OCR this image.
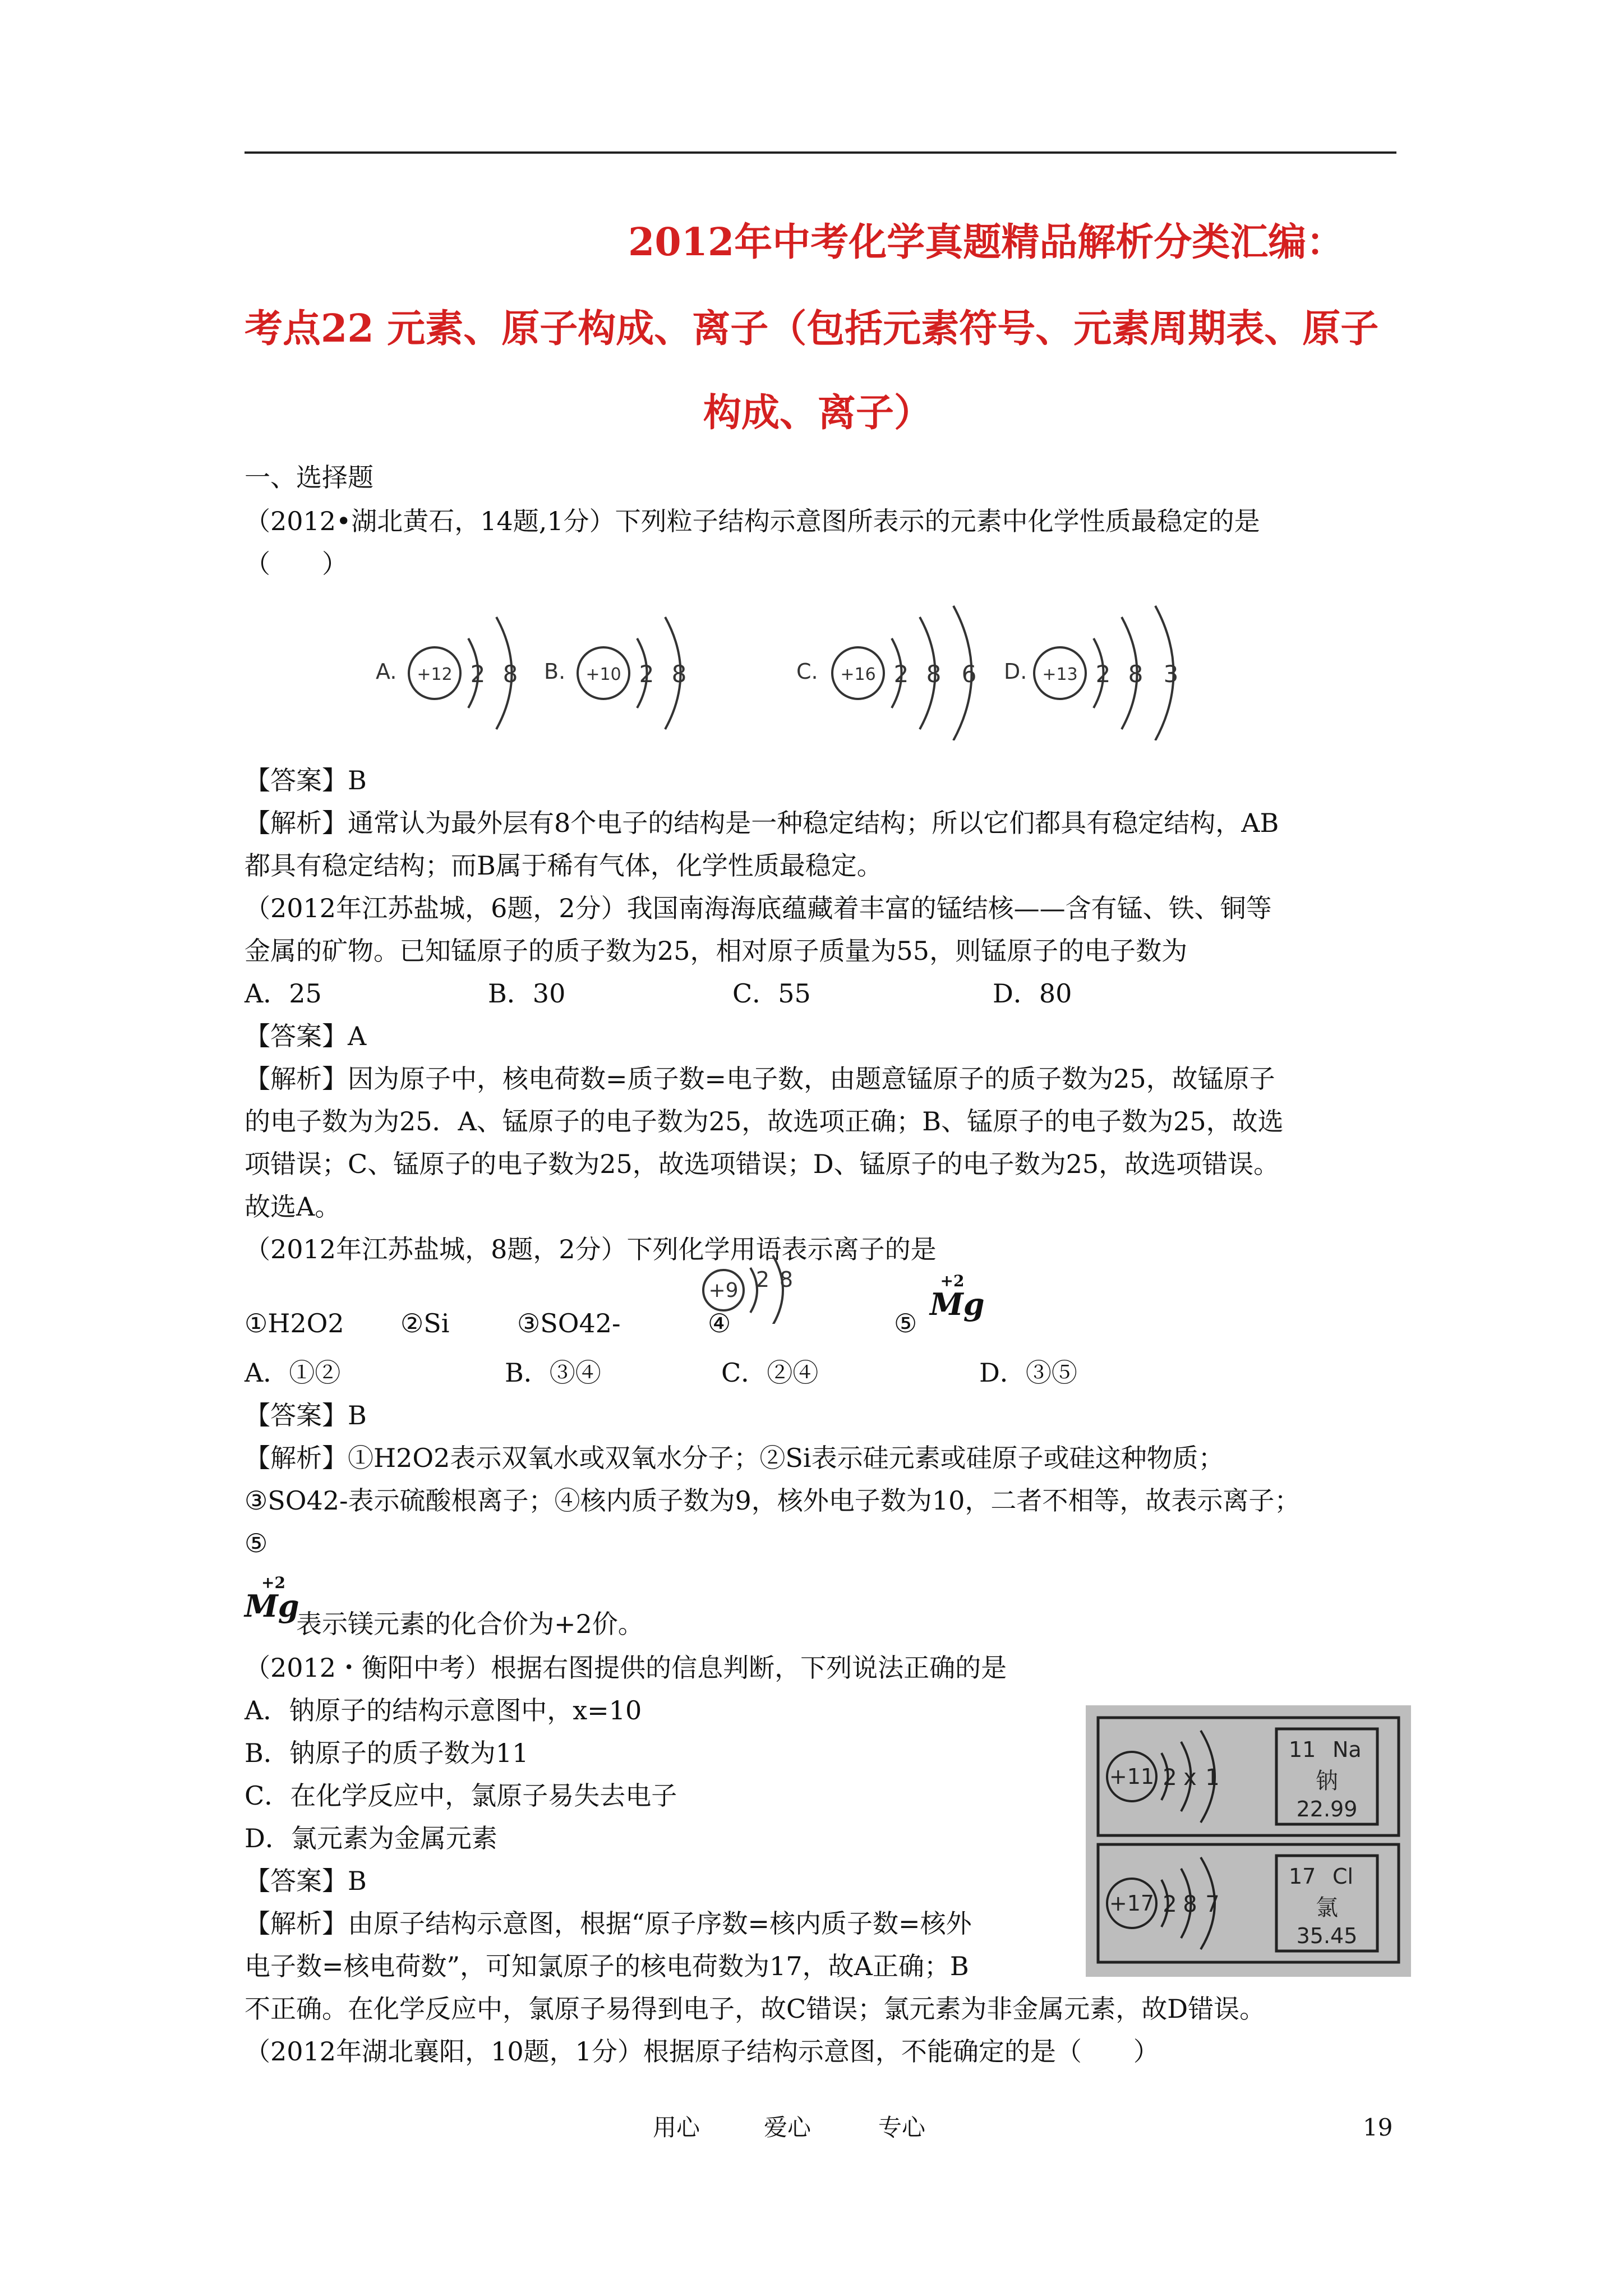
2012年中考化学真题精品解析分类汇编：
考点22 元素、原子构成、离子（包括元素符号、元素周期表、原子
构成、离子）
一、选择题
（2012•湖北黄石，14题,1分）下列粒子结构示意图所表示的元素中化学性质最稳定的是
（　　）
A. +12 2 8 B. +10 2 8	C. +16 2 8 6 D. +13 2 8 3
【答案】B
【解析】通常认为最外层有8个电子的结构是一种稳定结构；所以它们都具有稳定结构，AB
都具有稳定结构；而B属于稀有气体，化学性质最稳定。
（2012年江苏盐城，6题，2分）我国南海海底蕴藏着丰富的锰结核——含有锰、铁、铜等
金属的矿物。已知锰原子的质子数为25，相对原子质量为55，则锰原子的电子数为
A．25	B．30	C．55	D．80
【答案】A
【解析】因为原子中，核电荷数=质子数=电子数，由题意锰原子的质子数为25，故锰原子
的电子数为为25．A、锰原子的电子数为25，故选项正确；B、锰原子的电子数为25，故选
项错误；C、锰原子的电子数为25，故选项错误；D、锰原子的电子数为25，故选项错误。
故选A。
（2012年江苏盐城，8题，2分）下列化学用语表示离子的是
①H2O2 ②Si	③SO42-	④
+9 2 8
⑤
+2
Mg
A．①②	B．③④	C．②④	D．③⑤
【答案】B
【解析】①H2O2表示双氧水或双氧水分子；②Si表示硅元素或硅原子或硅这种物质；
③SO42-表示硫酸根离子；④核内质子数为9，核外电子数为10，二者不相等，故表示离子；
⑤
+2
Mg
表示镁元素的化合价为+2价。
（2012・衡阳中考）根据右图提供的信息判断，下列说法正确的是
A．钠原子的结构示意图中，x=10
B．钠原子的质子数为11
C．在化学反应中，氯原子易失去电子
D．氯元素为金属元素
【答案】B
【解析】由原子结构示意图，根据“原子序数=核内质子数=核外
电子数=核电荷数”，可知氯原子的核电荷数为17，故A正确；B
不正确。在化学反应中，氯原子易得到电子，故C错误；氯元素为非金属元素，故D错误。
+11 2 x 1
11 Na
钠
22.99
+17 2 8 7
17 Cl
氯
35.45
（2012年湖北襄阳，10题，1分）根据原子结构示意图，不能确定的是（　　）
用心	爱心	专心	19
